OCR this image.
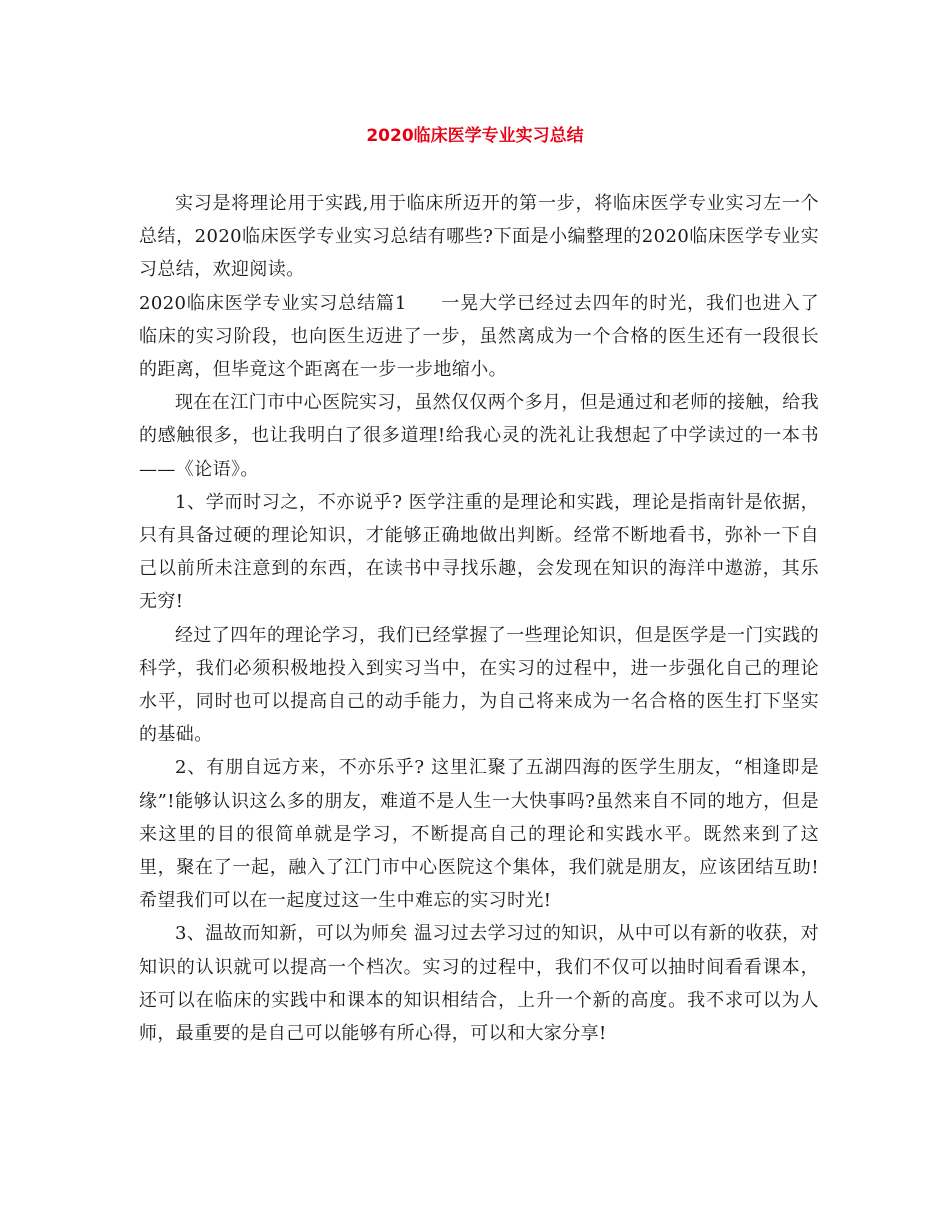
2020临床医学专业实习总结

实习是将理论用于实践,用于临床所迈开的第一步，将临床医学专业实习左一个总结，2020临床医学专业实习总结有哪些?下面是小编整理的2020临床医学专业实习总结，欢迎阅读。

2020临床医学专业实习总结篇1 一晃大学已经过去四年的时光，我们也进入了临床的实习阶段，也向医生迈进了一步，虽然离成为一个合格的医生还有一段很长的距离，但毕竟这个距离在一步一步地缩小。

现在在江门市中心医院实习，虽然仅仅两个多月，但是通过和老师的接触，给我的感触很多，也让我明白了很多道理!给我心灵的洗礼让我想起了中学读过的一本书——《论语》。

1、学而时习之，不亦说乎? 医学注重的是理论和实践，理论是指南针是依据，只有具备过硬的理论知识，才能够正确地做出判断。经常不断地看书，弥补一下自己以前所未注意到的东西，在读书中寻找乐趣，会发现在知识的海洋中遨游，其乐无穷!

经过了四年的理论学习，我们已经掌握了一些理论知识，但是医学是一门实践的科学，我们必须积极地投入到实习当中，在实习的过程中，进一步强化自己的理论水平，同时也可以提高自己的动手能力，为自己将来成为一名合格的医生打下坚实的基础。

2、有朋自远方来，不亦乐乎? 这里汇聚了五湖四海的医学生朋友，“相逢即是缘”!能够认识这么多的朋友，难道不是人生一大快事吗?虽然来自不同的地方，但是来这里的目的很简单就是学习，不断提高自己的理论和实践水平。既然来到了这里，聚在了一起，融入了江门市中心医院这个集体，我们就是朋友，应该团结互助!希望我们可以在一起度过这一生中难忘的实习时光!

3、温故而知新，可以为师矣 温习过去学习过的知识，从中可以有新的收获，对知识的认识就可以提高一个档次。实习的过程中，我们不仅可以抽时间看看课本，还可以在临床的实践中和课本的知识相结合，上升一个新的高度。我不求可以为人师，最重要的是自己可以能够有所心得，可以和大家分享!
